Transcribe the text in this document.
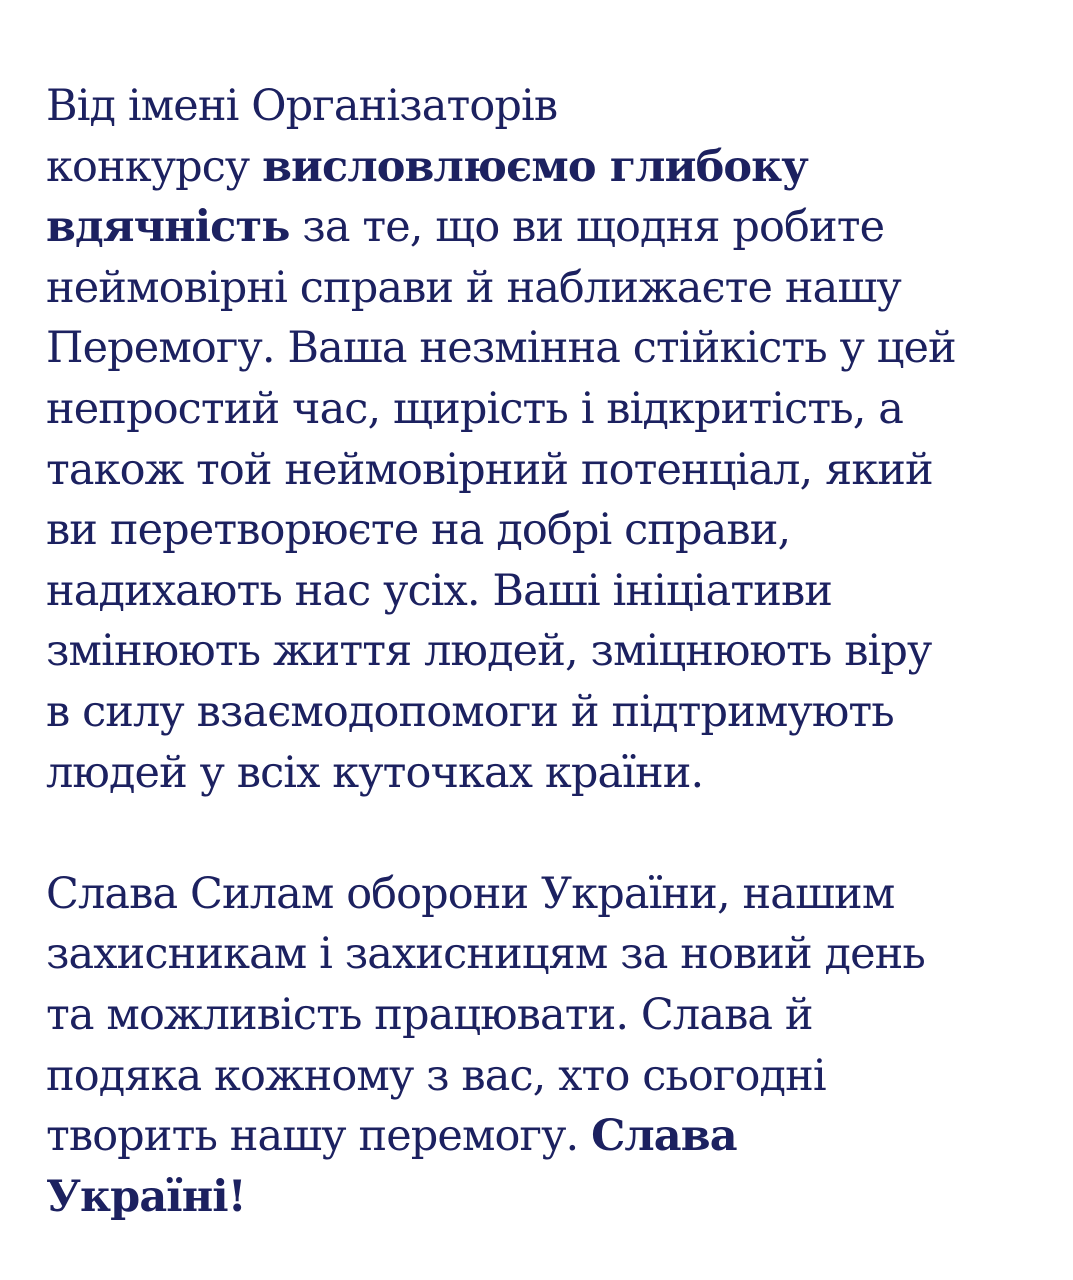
Від імені Організаторів
конкурсу висловлюємо глибоку
вдячність за те, що ви щодня робите
неймовірні справи й наближаєте нашу
Перемогу. Ваша незмінна стійкість у цей
непростий час, щирість і відкритість, а
також той неймовірний потенціал, який
ви перетворюєте на добрі справи,
надихають нас усіх. Ваші ініціативи
змінюють життя людей, зміцнюють віру
в силу взаємодопомоги й підтримують
людей у всіх куточках країни.
Слава Силам оборони України, нашим
захисникам і захисницям за новий день
та можливість працювати. Слава й
подяка кожному з вас, хто сьогодні
творить нашу перемогу. Слава
Україні!
